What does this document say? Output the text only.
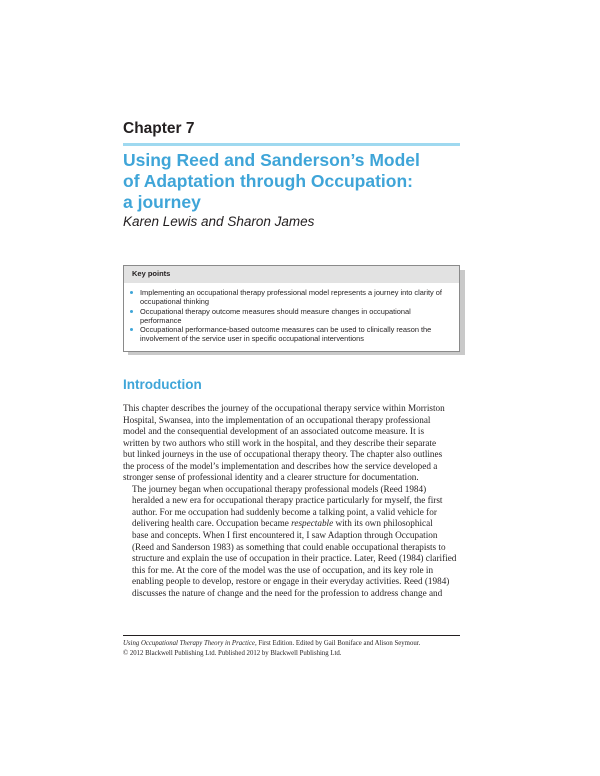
Chapter 7
Using Reed and Sanderson’s Model
of Adaptation through Occupation:
a journey
Karen Lewis and Sharon James
Key points
Implementing an occupational therapy professional model represents a journey into clarity of occupational thinking
Occupational therapy outcome measures should measure changes in occupational performance
Occupational performance-based outcome measures can be used to clinically reason the involvement of the service user in specific occupational interventions
Introduction

This chapter describes the journey of the occupational therapy service within Morriston
Hospital, Swansea, into the implementation of an occupational therapy professional
model and the consequential development of an associated outcome measure. It is
written by two authors who still work in the hospital, and they describe their separate
but linked journeys in the use of occupational therapy theory. The chapter also outlines
the process of the model’s implementation and describes how the service developed a
stronger sense of professional identity and a clearer structure for documentation.

The journey began when occupational therapy professional models (Reed 1984)
heralded a new era for occupational therapy practice particularly for myself, the first
author. For me occupation had suddenly become a talking point, a valid vehicle for
delivering health care. Occupation became respectable with its own philosophical
base and concepts. When I first encountered it, I saw Adaption through Occupation
(Reed and Sanderson 1983) as something that could enable occupational therapists to
structure and explain the use of occupation in their practice. Later, Reed (1984) clarified
this for me. At the core of the model was the use of occupation, and its key role in
enabling people to develop, restore or engage in their everyday activities. Reed (1984)
discusses the nature of change and the need for the profession to address change and

Using Occupational Therapy Theory in Practice, First Edition. Edited by Gail Boniface and Alison Seymour.
© 2012 Blackwell Publishing Ltd. Published 2012 by Blackwell Publishing Ltd.
